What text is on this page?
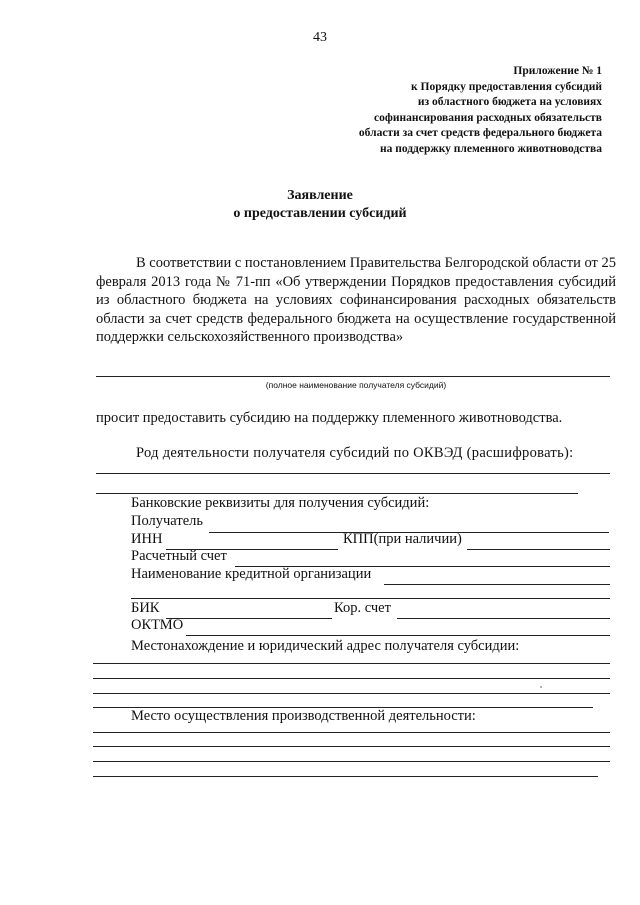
43
Приложение № 1
к Порядку предоставления субсидий
из областного бюджета на условиях
софинансирования расходных обязательств
области за счет средств федерального бюджета
на поддержку племенного животноводства
Заявление
о предоставлении субсидий
В соответствии с постановлением Правительства Белгородской области от 25 февраля 2013 года № 71-пп «Об утверждении Порядков предоставления субсидий из областного бюджета на условиях софинансирования расходных обязательств области за счет средств федерального бюджета на осуществление государственной поддержки сельскохозяйственного производства»
(полное наименование получателя субсидий)
просит предоставить субсидию на поддержку племенного животноводства.
Род деятельности получателя субсидий по ОКВЭД (расшифровать):
Банковские реквизиты для получения субсидий:
Получатель
ИНН	КПП(при наличии)
Расчетный счет
Наименование кредитной организации
БИК	Кор. счет
ОКТМО
Местонахождение и юридический адрес получателя субсидии:
Место осуществления производственной деятельности:
